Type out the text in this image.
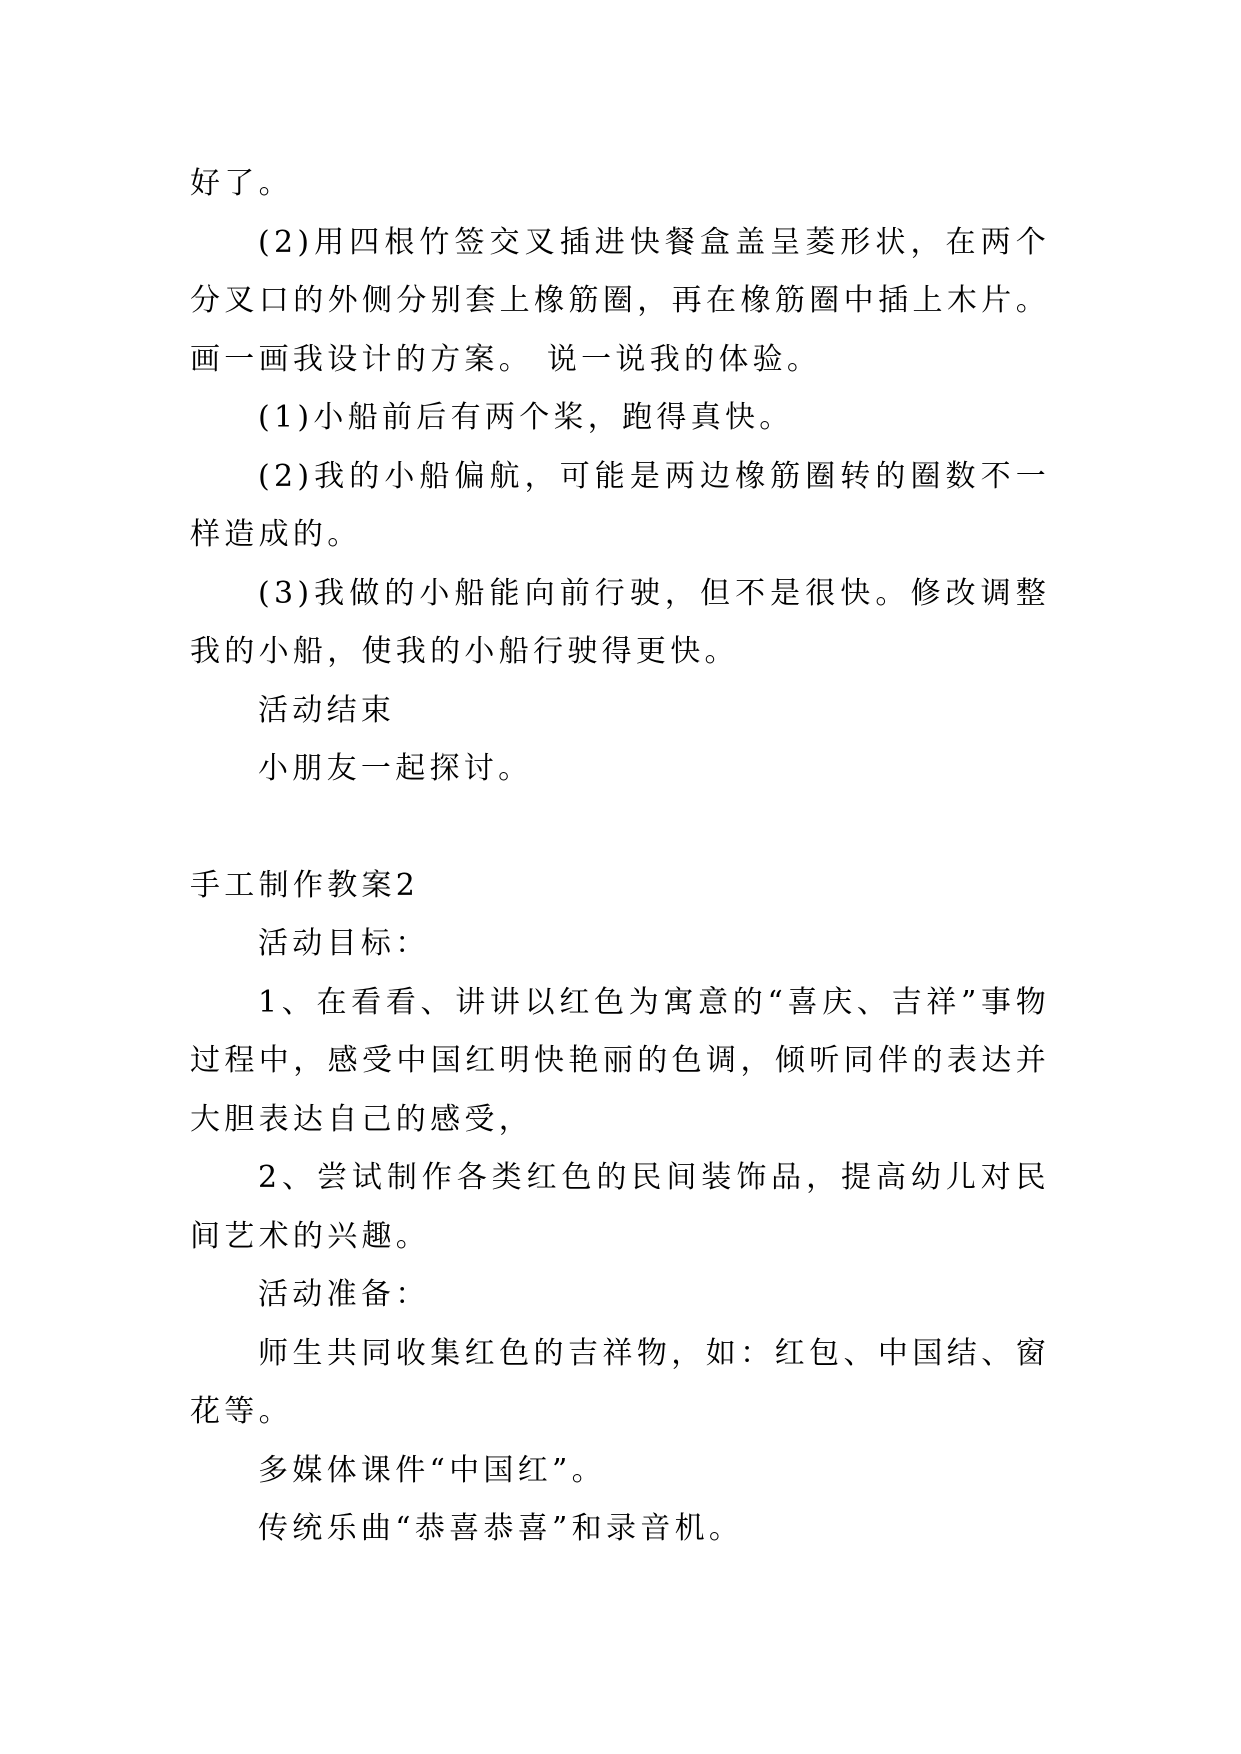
好了。

(2)用四根竹签交叉插进快餐盒盖呈菱形状，在两个分叉口的外侧分别套上橡筋圈，再在橡筋圈中插上木片。 画一画我设计的方案。 说一说我的体验。

(1)小船前后有两个桨，跑得真快。

(2)我的小船偏航，可能是两边橡筋圈转的圈数不一样造成的。

(3)我做的小船能向前行驶，但不是很快。修改调整我的小船，使我的小船行驶得更快。

活动结束

小朋友一起探讨。

手工制作教案2

活动目标：

1、在看看、讲讲以红色为寓意的“喜庆、吉祥”事物过程中，感受中国红明快艳丽的色调，倾听同伴的表达并大胆表达自己的感受，

2、尝试制作各类红色的民间装饰品，提高幼儿对民间艺术的兴趣。

活动准备：

师生共同收集红色的吉祥物，如：红包、中国结、窗花等。

多媒体课件“中国红”。

传统乐曲“恭喜恭喜”和录音机。
